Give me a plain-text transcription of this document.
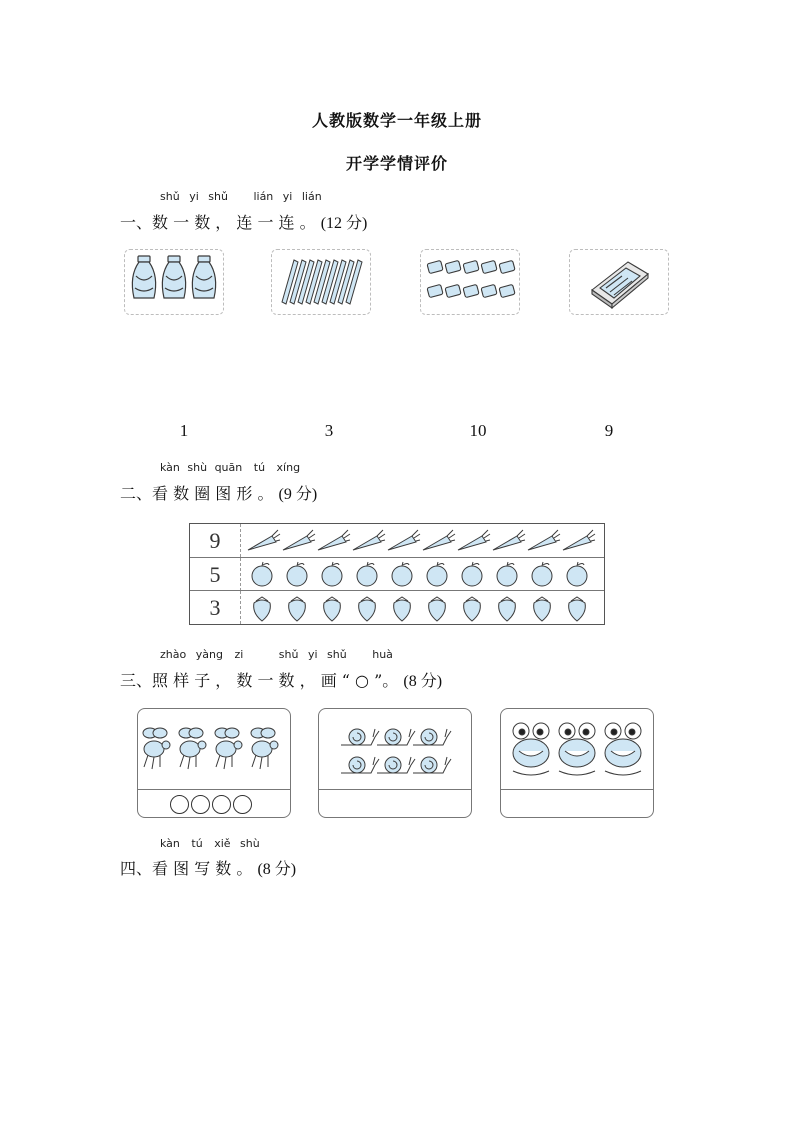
人教版数学一年级上册
开学学情评价
shǔ yi shǔ lián yi lián
一、数 一 数 ， 连 一 连 。 (12 分)
1	3	10	9
kàn shù quān tú xíng
二、看 数 圈 图 形 。 (9 分)
9
5
3
zhào yàng zi	shǔ yi shǔ huà
三、照 样 子 ， 数 一 数 ， 画 “ ○ ”。 (8 分)
kàn tú xiě shù
四、看 图 写 数 。 (8 分)
